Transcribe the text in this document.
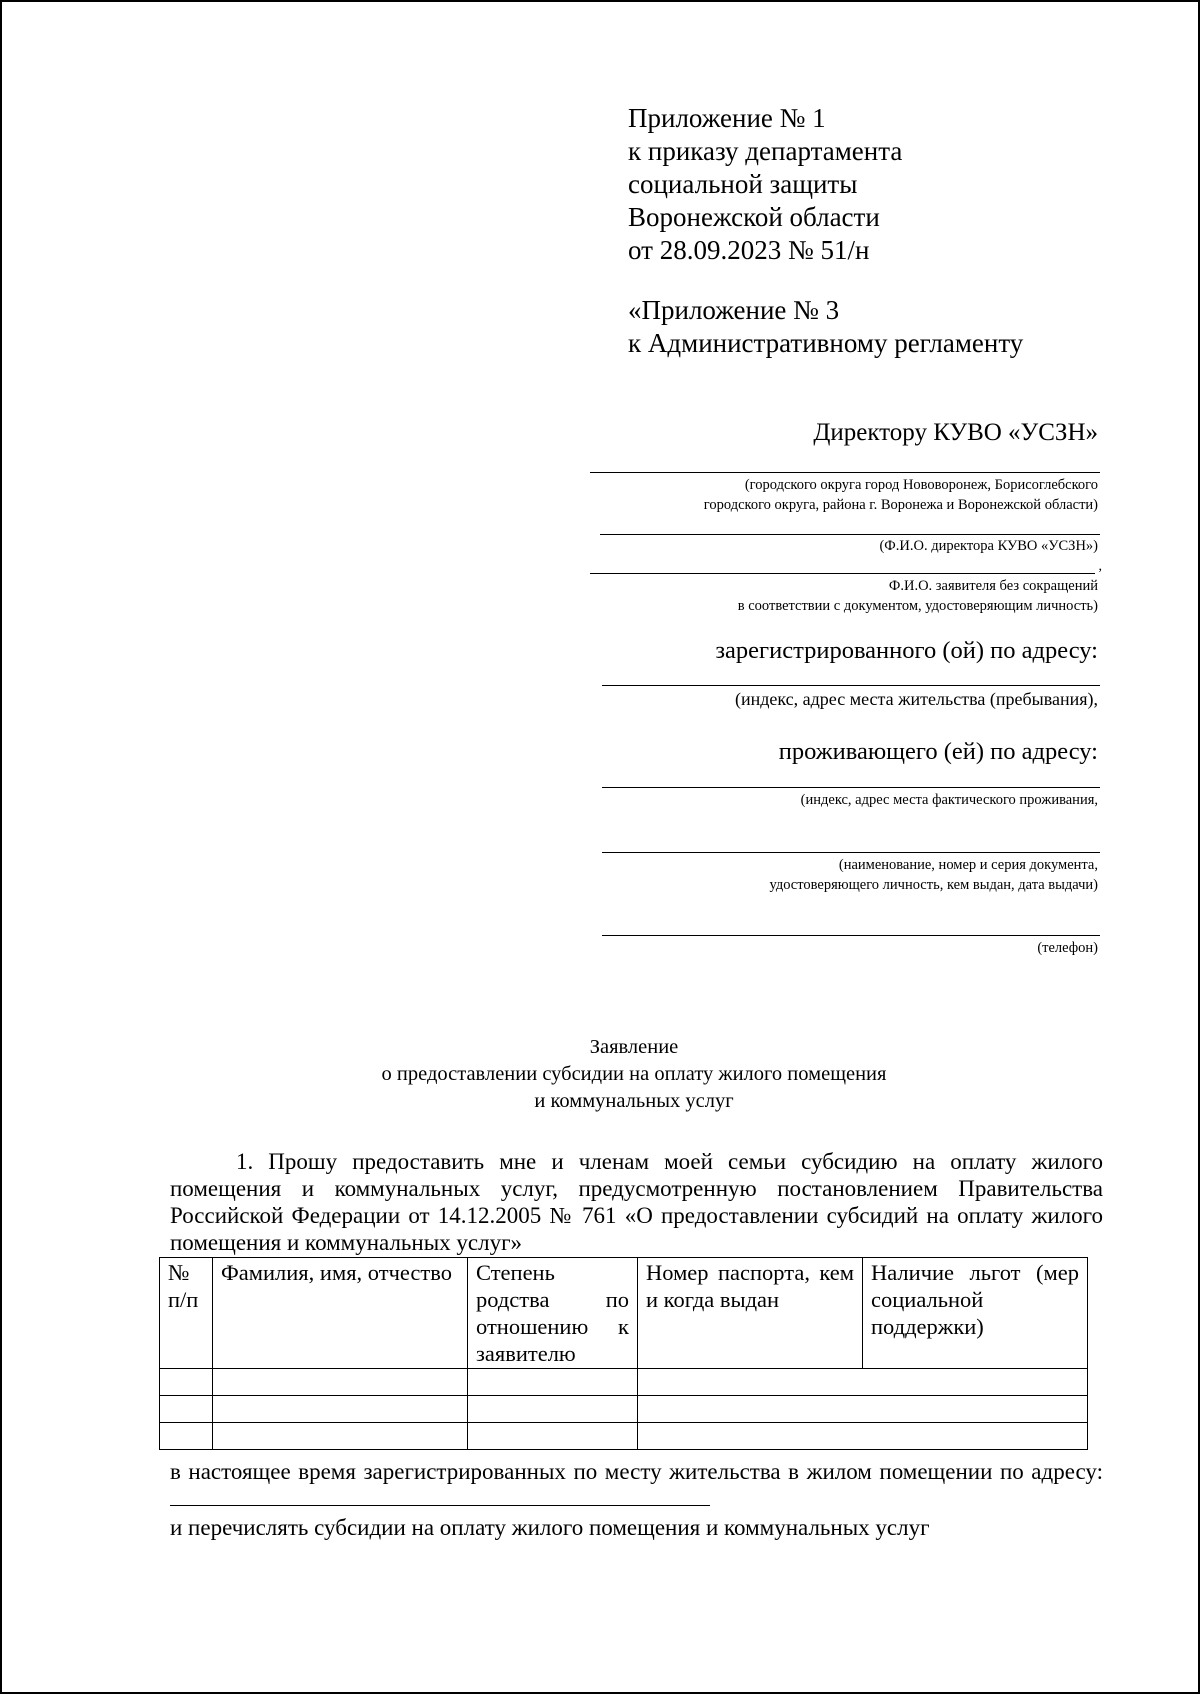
Приложение № 1
к приказу департамента
социальной защиты
Воронежской области
от 28.09.2023 № 51/н
«Приложение № 3
к Административному регламенту
Директору КУВО «УСЗН»
(городского округа город Нововоронеж, Борисоглебского
городского округа, района г. Воронежа и Воронежской области)
(Ф.И.О. директора КУВО «УСЗН»)
,
Ф.И.О. заявителя без сокращений
в соответствии с документом, удостоверяющим личность)
зарегистрированного (ой) по адресу:
(индекс, адрес места жительства (пребывания),
проживающего (ей) по адресу:
(индекс, адрес места фактического проживания,
(наименование, номер и серия документа,
удостоверяющего личность, кем выдан, дата выдачи)
(телефон)
Заявление
о предоставлении субсидии на оплату жилого помещения
и коммунальных услуг
1. Прошу предоставить мне и членам моей семьи субсидию на оплату жилого помещения и коммунальных услуг, предусмотренную постановлением Правительства Российской Федерации от 14.12.2005 № 761 «О предоставлении субсидий на оплату жилого помещения и коммунальных услуг»
№ п/п	Фамилия, имя, отчество	Степень родства по отношению к заявителю	Номер паспорта, кем и когда выдан	Наличие льгот (мер социальной поддержки)

в настоящее время зарегистрированных по месту жительства в жилом помещении по адресу:
и перечислять субсидии на оплату жилого помещения и коммунальных услуг
